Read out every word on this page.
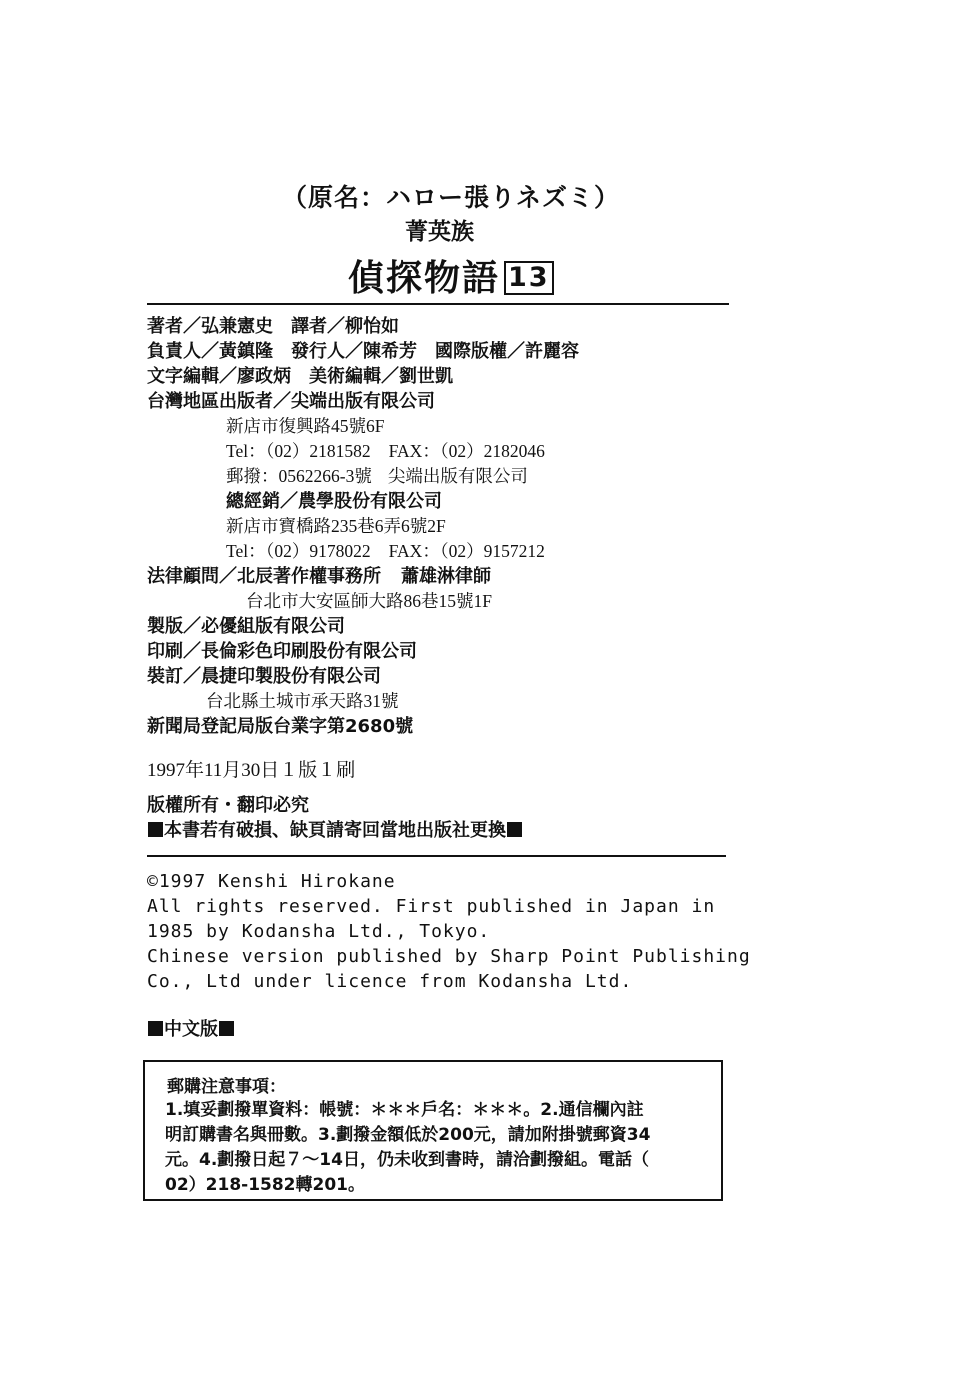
（原名：ハロー張りネズミ）
菁英族
偵探物語 13
著者／弘兼憲史 譯者／柳怡如
負責人／黃鎮隆 發行人／陳希芳 國際版權／許麗容
文字編輯／廖政炳 美術編輯／劉世凱
台灣地區出版者／尖端出版有限公司
新店市復興路45號6F
Tel：（02）2181582 FAX：（02）2182046
郵撥：0562266-3號 尖端出版有限公司
總經銷／農學股份有限公司
新店市寶橋路235巷6弄6號2F
Tel：（02）9178022 FAX：（02）9157212
法律顧問／北辰著作權事務所 蕭雄淋律師
台北市大安區師大路86巷15號1F
製版／必優組版有限公司
印刷／長倫彩色印刷股份有限公司
裝訂／晨捷印製股份有限公司
台北縣土城市承天路31號
新聞局登記局版台業字第2680號
1997年11月30日１版１刷
版權所有・翻印必究
本書若有破損、缺頁請寄回當地出版社更換
©1997 Kenshi Hirokane
All rights reserved. First published in Japan in
1985 by Kodansha Ltd., Tokyo.
Chinese version published by Sharp Point Publishing
Co., Ltd under licence from Kodansha Ltd.
中文版
郵購注意事項：
1.填妥劃撥單資料：帳號：＊＊＊戶名：＊＊＊。2.通信欄內註
明訂購書名與冊數。3.劃撥金額低於200元，請加附掛號郵資34
元。4.劃撥日起７～14日，仍未收到書時，請洽劃撥組。電話（
02）218-1582轉201。
